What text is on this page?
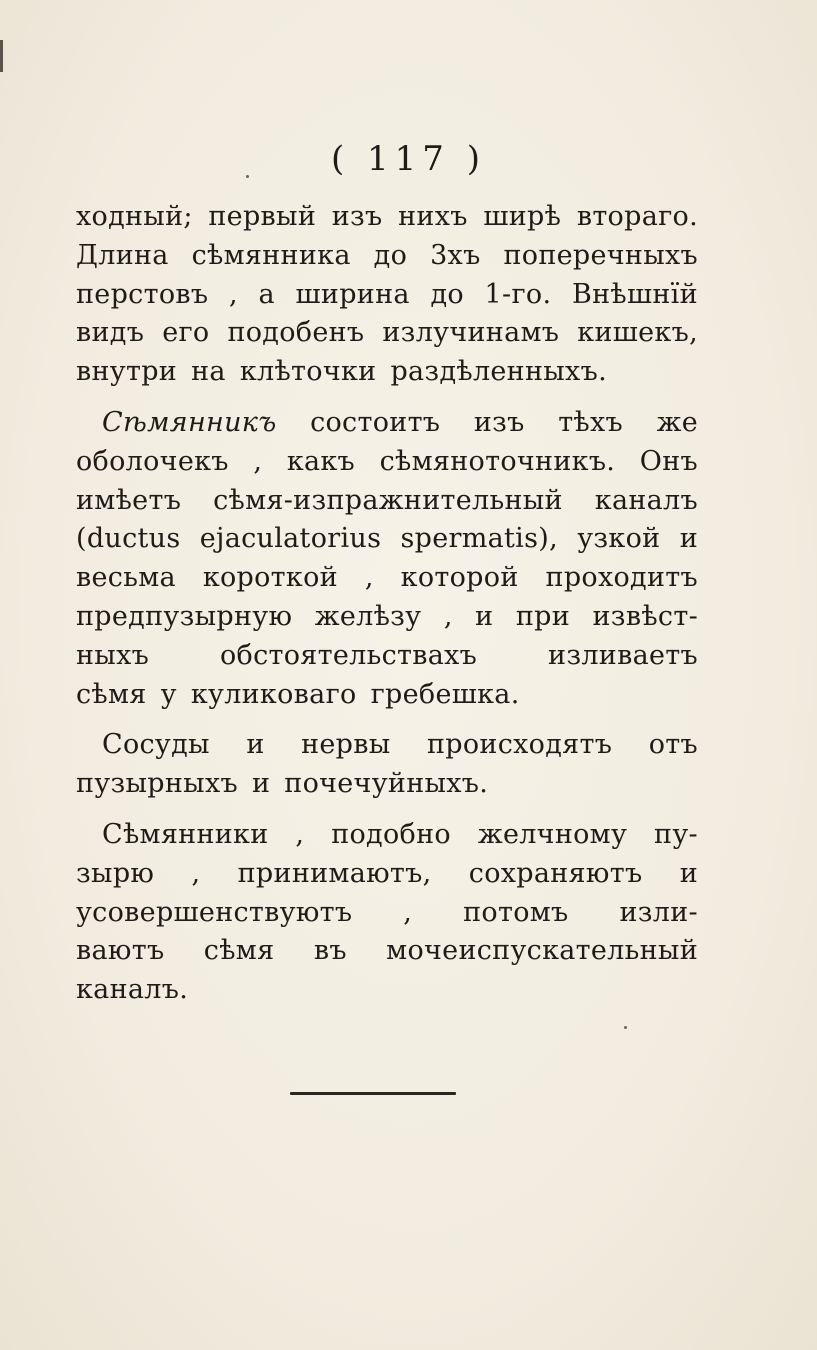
( 117 )
ходный; первый изъ нихъ ширѣ втораго.
Длина сѣмянника до 3хъ поперечныхъ
перстовъ , а ширина до 1-го. Внѣшнїй
видъ его подобенъ излучинамъ кишекъ,
внутри на клѣточки раздѣленныхъ.
Сѣмянникъ состоитъ изъ тѣхъ же
оболочекъ , какъ сѣмяноточникъ. Онъ
имѣетъ сѣмя-изпражнительный каналъ
(ductus ejaculatorius spermatis), узкой и
весьма короткой , которой проходитъ
предпузырную желѣзу , и при извѣст-
ныхъ	обстоятельствахъ	изливаетъ
сѣмя у куликоваго гребешка.
Сосуды и нервы происходятъ отъ
пузырныхъ и почечуйныхъ.
Сѣмянники , подобно желчному пу-
зырю , принимаютъ, сохраняютъ и
усовершенствуютъ , потомъ изли-
ваютъ сѣмя въ мочеиспускательный
каналъ.
